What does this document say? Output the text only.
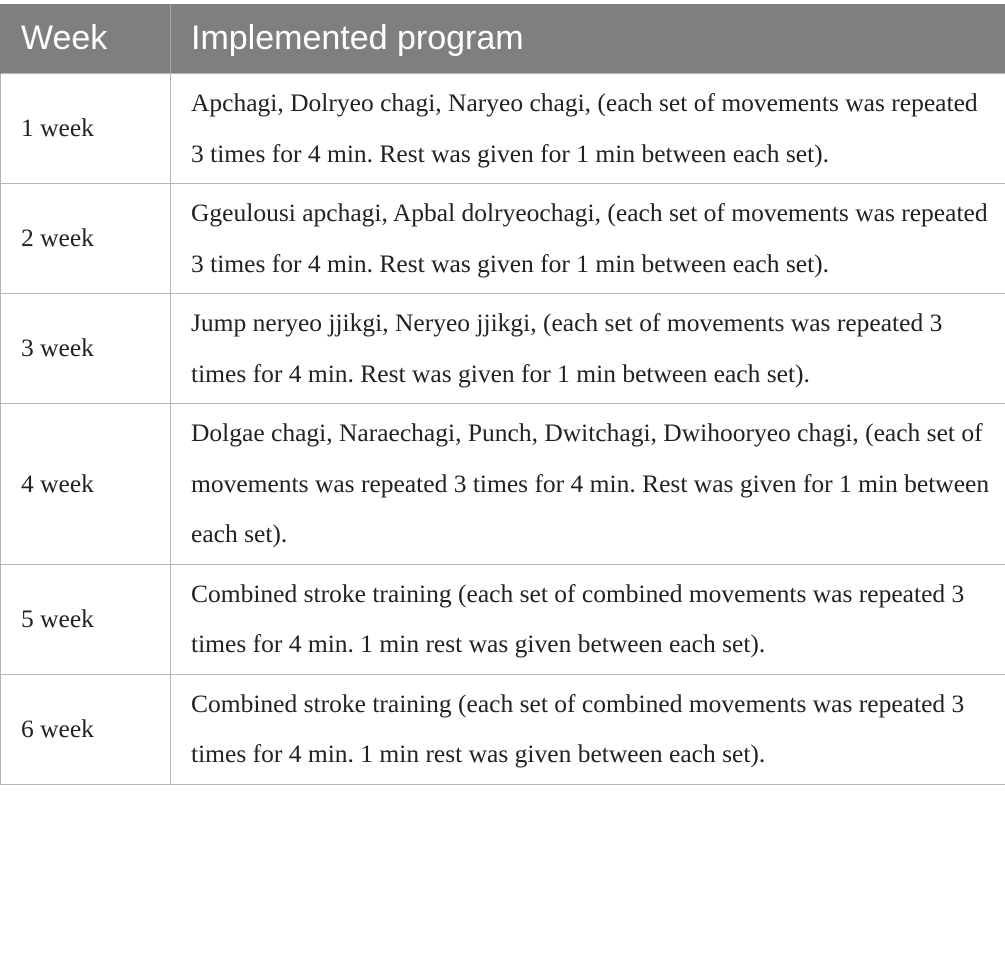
Week	Implemented program
1 week	Apchagi, Dolryeo chagi, Naryeo chagi, (each set of movements was repeated 3 times for 4 min. Rest was given for 1 min between each set).
2 week	Ggeulousi apchagi, Apbal dolryeochagi, (each set of movements was repeated 3 times for 4 min. Rest was given for 1 min between each set).
3 week	Jump neryeo jjikgi, Neryeo jjikgi, (each set of movements was repeated 3 times for 4 min. Rest was given for 1 min between each set).
4 week	Dolgae chagi, Naraechagi, Punch, Dwitchagi, Dwihooryeo chagi, (each set of movements was repeated 3 times for 4 min. Rest was given for 1 min between each set).
5 week	Combined stroke training (each set of combined movements was repeated 3 times for 4 min. 1 min rest was given between each set).
6 week	Combined stroke training (each set of combined movements was repeated 3 times for 4 min. 1 min rest was given between each set).
